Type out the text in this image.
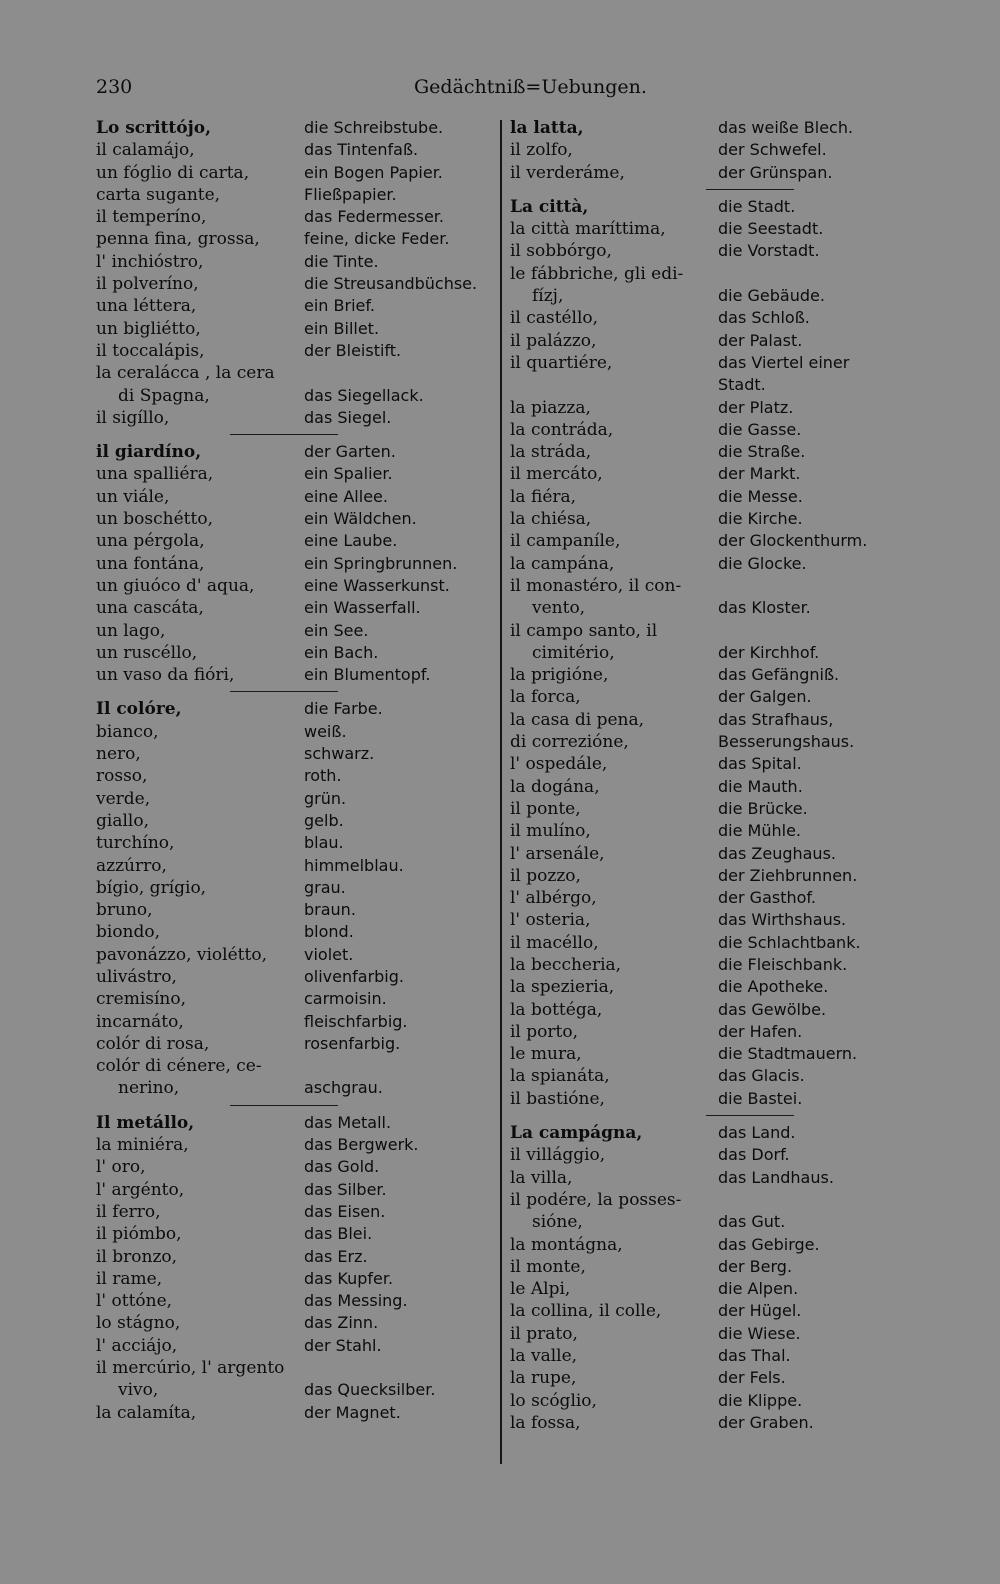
230	Gedächtniß=Uebungen.
Lo scrittójo,	die Schreibstube.
il calamájo,	das Tintenfaß.
un fóglio di carta,	ein Bogen Papier.
carta sugante,	Fließpapier.
il temperíno,	das Federmesser.
penna fina, grossa,	feine, dicke Feder.
l' inchióstro,	die Tinte.
il polveríno,	die Streusandbüchse.
una léttera,	ein Brief.
un bigliétto,	ein Billet.
il toccalápis,	der Bleistift.
la ceralácca , la cera
di Spagna,	das Siegellack.
il sigíllo,	das Siegel.
il giardíno,	der Garten.
una spalliéra,	ein Spalier.
un viále,	eine Allee.
un boschétto,	ein Wäldchen.
una pérgola,	eine Laube.
una fontána,	ein Springbrunnen.
un giuóco d' aqua,	eine Wasserkunst.
una cascáta,	ein Wasserfall.
un lago,	ein See.
un ruscéllo,	ein Bach.
un vaso da fióri,	ein Blumentopf.
Il colóre,	die Farbe.
bianco,	weiß.
nero,	schwarz.
rosso,	roth.
verde,	grün.
giallo,	gelb.
turchíno,	blau.
azzúrro,	himmelblau.
bígio, grígio,	grau.
bruno,	braun.
biondo,	blond.
pavonázzo, violétto,	violet.
ulivástro,	olivenfarbig.
cremisíno,	carmoisin.
incarnáto,	fleischfarbig.
colór di rosa,	rosenfarbig.
colór di cénere, ce-
nerino,	aschgrau.
Il metállo,	das Metall.
la miniéra,	das Bergwerk.
l' oro,	das Gold.
l' argénto,	das Silber.
il ferro,	das Eisen.
il piómbo,	das Blei.
il bronzo,	das Erz.
il rame,	das Kupfer.
l' ottóne,	das Messing.
lo stágno,	das Zinn.
l' acciájo,	der Stahl.
il mercúrio, l' argento
vivo,	das Quecksilber.
la calamíta,	der Magnet.
la latta,	das weiße Blech.
il zolfo,	der Schwefel.
il verderáme,	der Grünspan.
La città,	die Stadt.
la città maríttima,	die Seestadt.
il sobbórgo,	die Vorstadt.
le fábbriche, gli edi-
fízj,	die Gebäude.
il castéllo,	das Schloß.
il palázzo,	der Palast.
il quartiére,	das Viertel einer
Stadt.
la piazza,	der Platz.
la contráda,	die Gasse.
la stráda,	die Straße.
il mercáto,	der Markt.
la fiéra,	die Messe.
la chiésa,	die Kirche.
il campaníle,	der Glockenthurm.
la campána,	die Glocke.
il monastéro, il con-
vento,	das Kloster.
il campo santo, il
cimitério,	der Kirchhof.
la prigióne,	das Gefängniß.
la forca,	der Galgen.
la casa di pena,	das Strafhaus,
di correzióne,	Besserungshaus.
l' ospedále,	das Spital.
la dogána,	die Mauth.
il ponte,	die Brücke.
il mulíno,	die Mühle.
l' arsenále,	das Zeughaus.
il pozzo,	der Ziehbrunnen.
l' albérgo,	der Gasthof.
l' osteria,	das Wirthshaus.
il macéllo,	die Schlachtbank.
la beccheria,	die Fleischbank.
la spezieria,	die Apotheke.
la bottéga,	das Gewölbe.
il porto,	der Hafen.
le mura,	die Stadtmauern.
la spianáta,	das Glacis.
il bastióne,	die Bastei.
La campágna,	das Land.
il villággio,	das Dorf.
la villa,	das Landhaus.
il podére, la posses-
sióne,	das Gut.
la montágna,	das Gebirge.
il monte,	der Berg.
le Alpi,	die Alpen.
la collina, il colle,	der Hügel.
il prato,	die Wiese.
la valle,	das Thal.
la rupe,	der Fels.
lo scóglio,	die Klippe.
la fossa,	der Graben.
